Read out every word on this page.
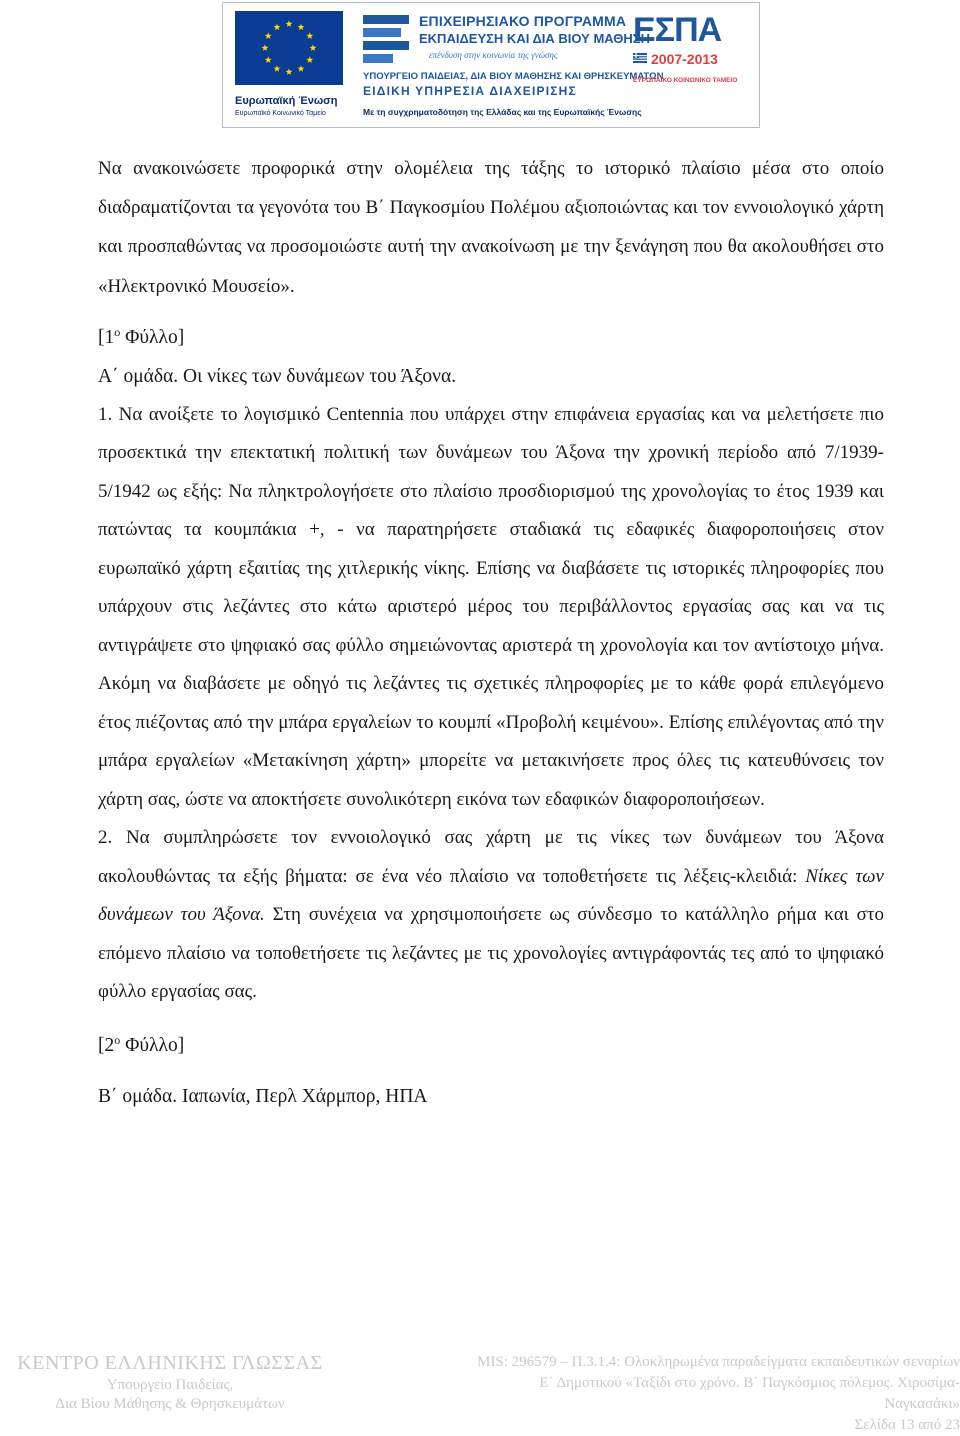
Ευρωπαϊκή Ένωση
Ευρωπαϊκό Κοινωνικό Ταμείο
ΕΠΙΧΕΙΡΗΣΙΑΚΟ ΠΡΟΓΡΑΜΜΑ
ΕΚΠΑΙΔΕΥΣΗ ΚΑΙ ΔΙΑ ΒΙΟΥ ΜΑΘΗΣΗ
επένδυση στην κοινωνία της γνώσης
ΥΠΟΥΡΓΕΙΟ ΠΑΙΔΕΙΑΣ, ΔΙΑ ΒΙΟΥ ΜΑΘΗΣΗΣ ΚΑΙ ΘΡΗΣΚΕΥΜΑΤΩΝ
ΕΙΔΙΚΗ ΥΠΗΡΕΣΙΑ ΔΙΑΧΕΙΡΙΣΗΣ
Με τη συγχρηματοδότηση της Ελλάδας και της Ευρωπαϊκής Ένωσης
ΕΣΠΑ
2007-2013
ΕΥΡΩΠΑΪΚΟ ΚΟΙΝΩΝΙΚΟ ΤΑΜΕΙΟ

Να ανακοινώσετε προφορικά στην ολομέλεια της τάξης το ιστορικό πλαίσιο μέσα στο οποίο διαδραματίζονται τα γεγονότα του Β΄ Παγκοσμίου Πολέμου αξιοποιώντας και τον εννοιολογικό χάρτη και προσπαθώντας να προσομοιώστε αυτή την ανακοίνωση με την ξενάγηση που θα ακολουθήσει στο «Ηλεκτρονικό Μουσείο».

[$1^o$ Φύλλο]

Α΄ ομάδα. Οι νίκες των δυνάμεων του Άξονα.

1. Να ανοίξετε το λογισμικό Centennia που υπάρχει στην επιφάνεια εργασίας και να μελετήσετε πιο προσεκτικά την επεκτατική πολιτική των δυνάμεων του Άξονα την χρονική περίοδο από 7/1939-5/1942 ως εξής: Να πληκτρολογήσετε στο πλαίσιο προσδιορισμού της χρονολογίας το έτος 1939 και πατώντας τα κουμπάκια +, - να παρατηρήσετε σταδιακά τις εδαφικές διαφοροποιήσεις στον ευρωπαϊκό χάρτη εξαιτίας της χιτλερικής νίκης. Επίσης να διαβάσετε τις ιστορικές πληροφορίες που υπάρχουν στις λεζάντες στο κάτω αριστερό μέρος του περιβάλλοντος εργασίας σας και να τις αντιγράψετε στο ψηφιακό σας φύλλο σημειώνοντας αριστερά τη χρονολογία και τον αντίστοιχο μήνα. Ακόμη να διαβάσετε με οδηγό τις λεζάντες τις σχετικές πληροφορίες με το κάθε φορά επιλεγόμενο έτος πιέζοντας από την μπάρα εργαλείων το κουμπί «Προβολή κειμένου». Επίσης επιλέγοντας από την μπάρα εργαλείων «Μετακίνηση χάρτη» μπορείτε να μετακινήσετε προς όλες τις κατευθύνσεις τον χάρτη σας, ώστε να αποκτήσετε συνολικότερη εικόνα των εδαφικών διαφοροποιήσεων.

2. Να συμπληρώσετε τον εννοιολογικό σας χάρτη με τις νίκες των δυνάμεων του Άξονα ακολουθώντας τα εξής βήματα: σε ένα νέο πλαίσιο να τοποθετήσετε τις λέξεις-κλειδιά: Νίκες των δυνάμεων του Άξονα. Στη συνέχεια να χρησιμοποιήσετε ως σύνδεσμο το κατάλληλο ρήμα και στο επόμενο πλαίσιο να τοποθετήσετε τις λεζάντες με τις χρονολογίες αντιγράφοντάς τες από το ψηφιακό φύλλο εργασίας σας.

[$2^o$ Φύλλο]

Β΄ ομάδα. Ιαπωνία, Περλ Χάρμπορ, ΗΠΑ

ΚΕΝΤΡΟ ΕΛΛΗΝΙΚΗΣ ΓΛΩΣΣΑΣ
Υπουργείο Παιδείας,
Δια Βίου Μάθησης & Θρησκευμάτων
MIS: 296579 – Π.3.1.4: Ολοκληρωμένα παραδείγματα εκπαιδευτικών σεναρίων
Ε΄ Δημοτικού «Ταξίδι στο χρόνο. Β΄ Παγκόσμιος πόλεμος. Χιροσίμα-
Ναγκασάκι»
Σελίδα 13 από 23
